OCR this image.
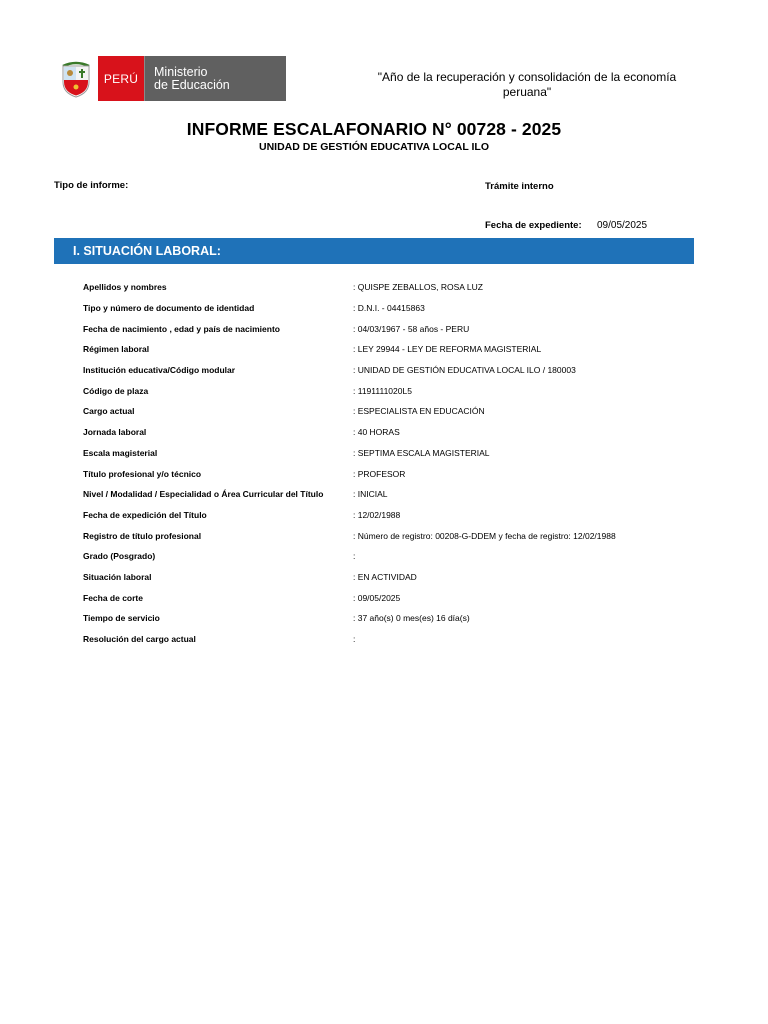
PERÚ	Ministerio
de Educación
"Año de la recuperación y consolidación de la economía peruana"
INFORME ESCALAFONARIO N° 00728 - 2025
UNIDAD DE GESTIÓN EDUCATIVA LOCAL ILO
Tipo de informe:	Trámite interno
Fecha de expediente: 09/05/2025
I. SITUACIÓN LABORAL:
Apellidos y nombres	: QUISPE ZEBALLOS, ROSA LUZ
Tipo y número de documento de identidad	: D.N.I. - 04415863
Fecha de nacimiento , edad y país de nacimiento	: 04/03/1967 - 58 años - PERU
Régimen laboral	: LEY 29944 - LEY DE REFORMA MAGISTERIAL
Institución educativa/Código modular	: UNIDAD DE GESTIÓN EDUCATIVA LOCAL ILO / 180003
Código de plaza	: 1191111020L5
Cargo actual	: ESPECIALISTA EN EDUCACIÓN
Jornada laboral	: 40 HORAS
Escala magisterial	: SEPTIMA ESCALA MAGISTERIAL
Título profesional y/o técnico	: PROFESOR
Nivel / Modalidad / Especialidad o Área Curricular del Título	: INICIAL
Fecha de expedición del Título	: 12/02/1988
Registro de título profesional	: Número de registro: 00208-G-DDEM y fecha de registro: 12/02/1988
Grado (Posgrado)	:
Situación laboral	: EN ACTIVIDAD
Fecha de corte	: 09/05/2025
Tiempo de servicio	: 37 año(s) 0 mes(es) 16 día(s)
Resolución del cargo actual	:
